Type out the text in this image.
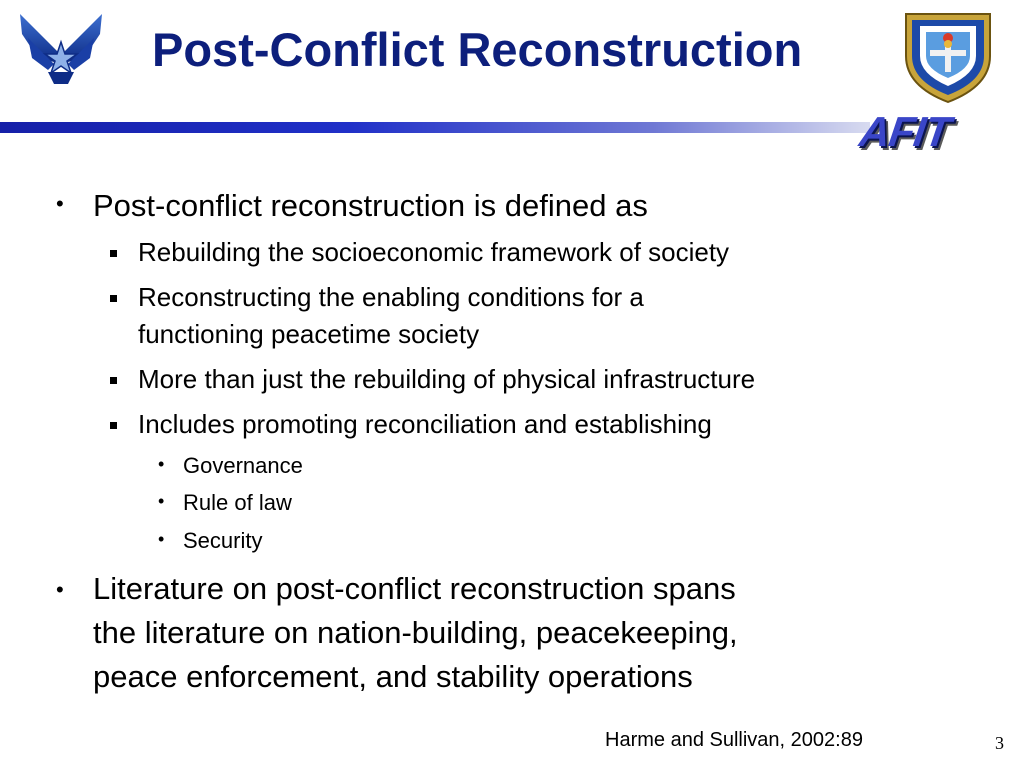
Post-Conflict Reconstruction
AFIT
• Post-conflict reconstruction is defined as
Rebuilding the socioeconomic framework of society
Reconstructing the enabling conditions for a
functioning peacetime society
More than just the rebuilding of physical infrastructure
Includes promoting reconciliation and establishing
• Governance
• Rule of law
• Security
• Literature on post-conflict reconstruction spans
the literature on nation-building, peacekeeping,
peace enforcement, and stability operations
Harme and Sullivan, 2002:89	3
